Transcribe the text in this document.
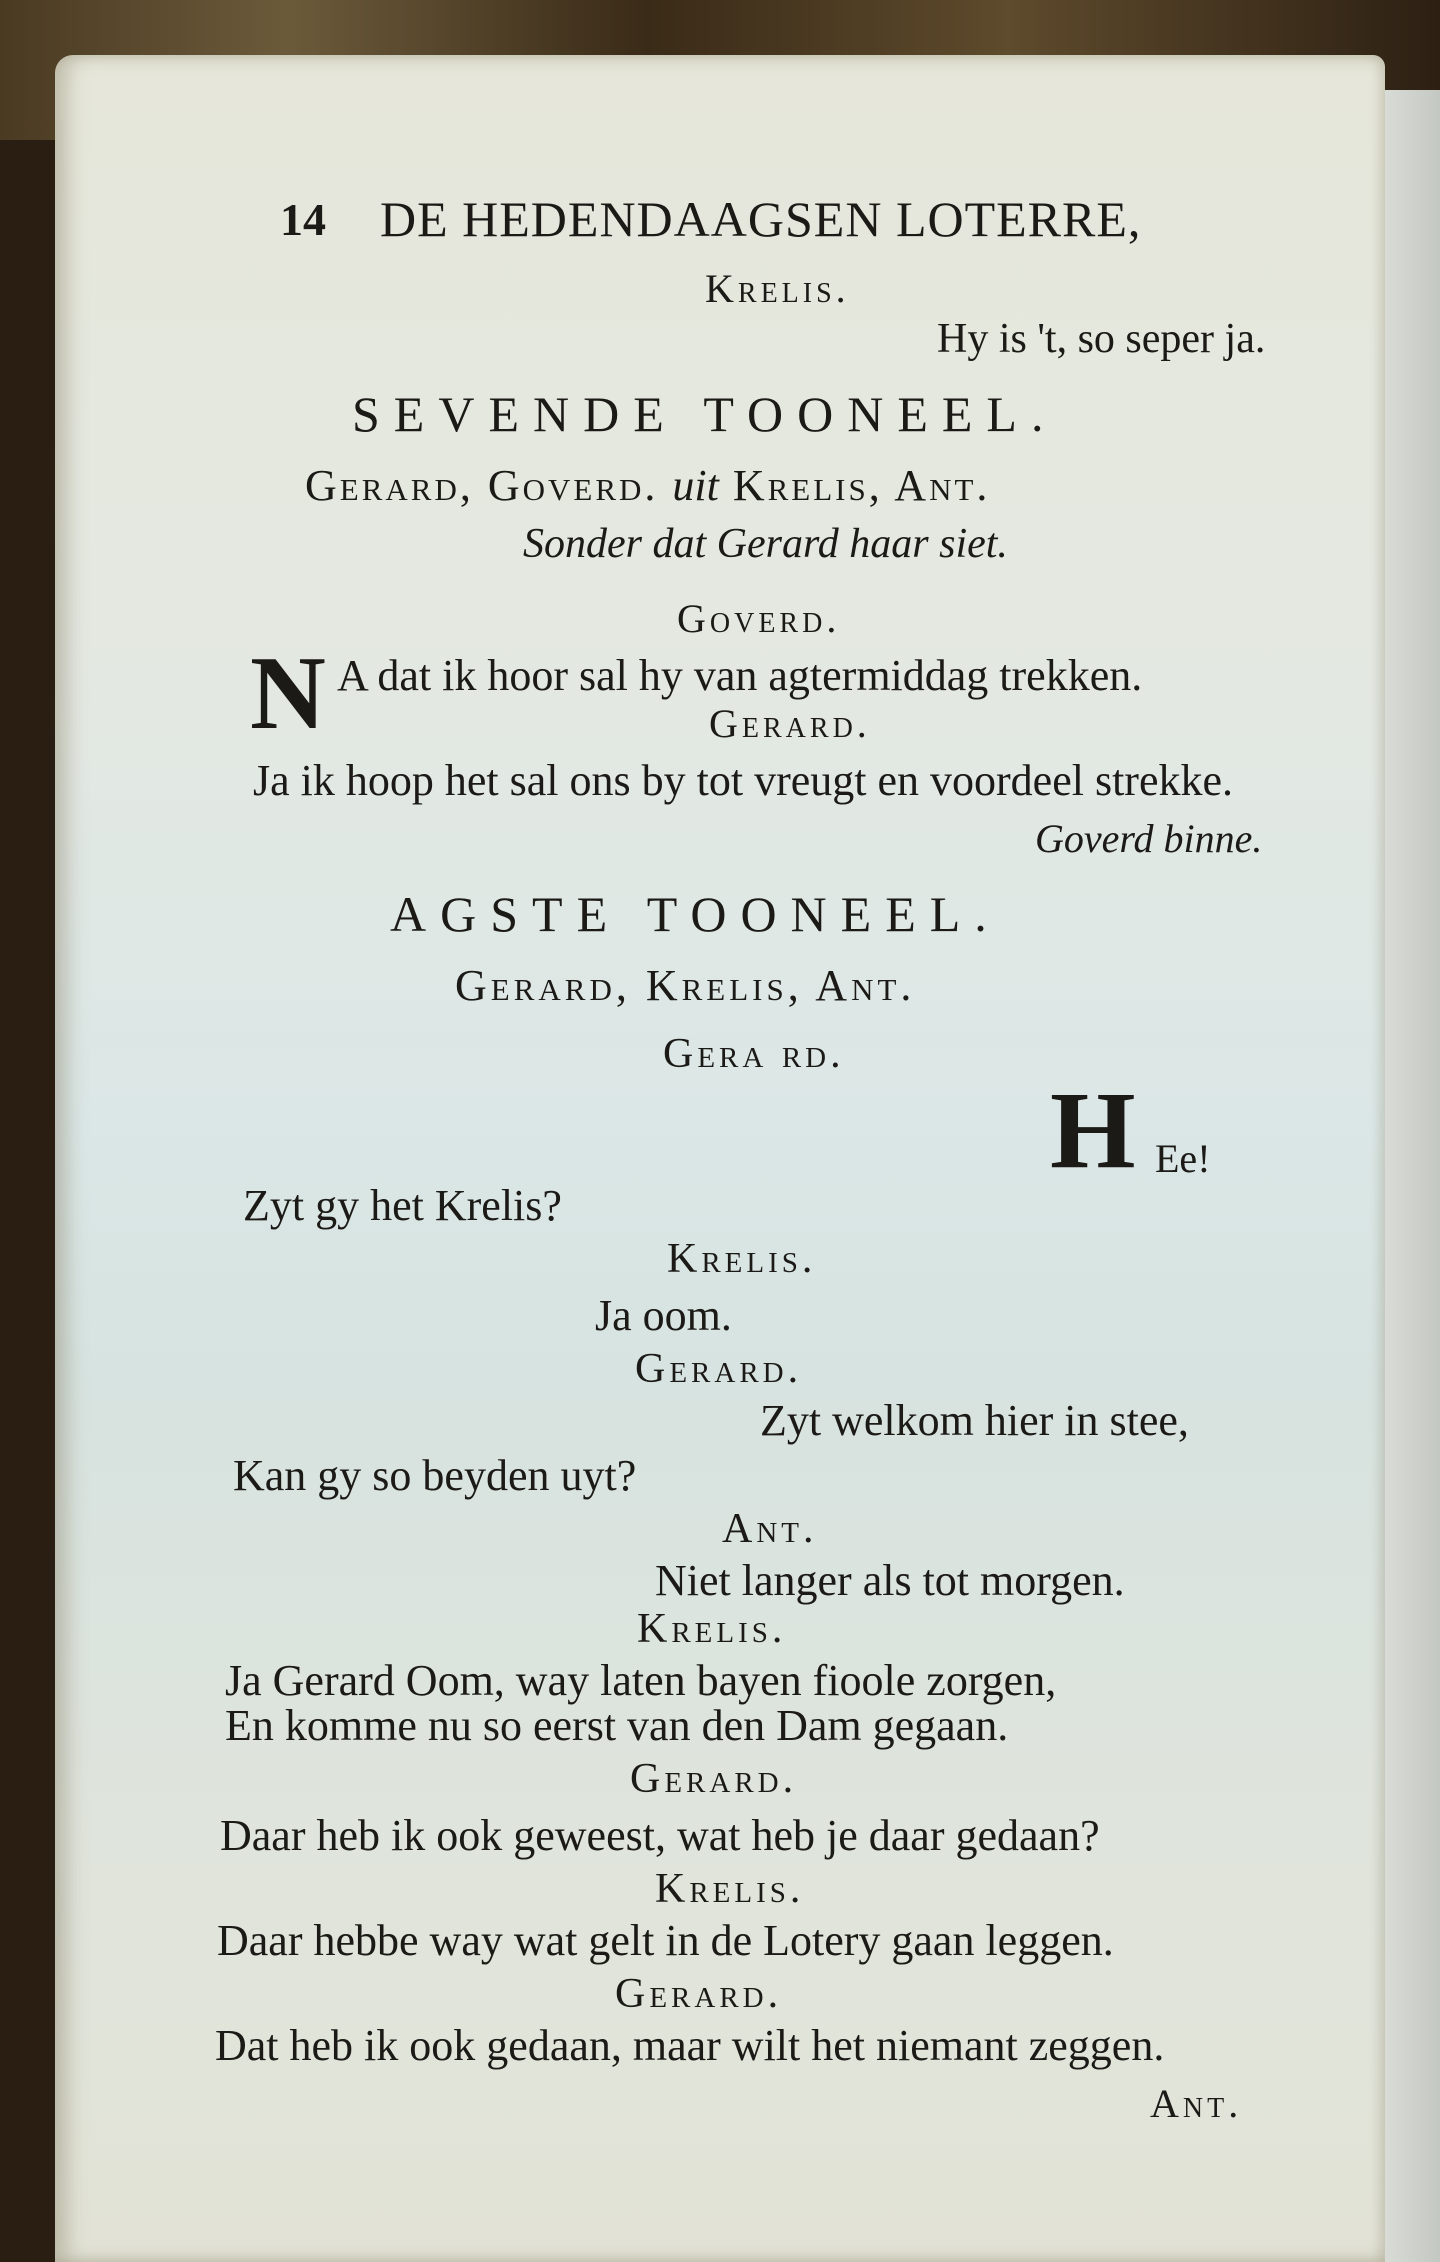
14 DE HEDENDAAGSEN LOTERRE,
Krelis.
Hy is 't, so seper ja.
SEVENDE TOONEEL.
Gerard, Goverd. uit Krelis, Ant.
Sonder dat Gerard haar siet.
Goverd.
N A dat ik hoor sal hy van agtermiddag trekken.
Gerard.
Ja ik hoop het sal ons by tot vreugt en voordeel strekke.
Goverd binne.
AGSTE TOONEEL.
Gerard, Krelis, Ant.
Gera rd.
H Ee!
Zyt gy het Krelis?
Krelis.
Ja oom.
Gerard.
Zyt welkom hier in stee,
Kan gy so beyden uyt?
Ant.
Niet langer als tot morgen.
Krelis.
Ja Gerard Oom, way laten bayen fioole zorgen,
En komme nu so eerst van den Dam gegaan.
Gerard.
Daar heb ik ook geweest, wat heb je daar gedaan?
Krelis.
Daar hebbe way wat gelt in de Lotery gaan leggen.
Gerard.
Dat heb ik ook gedaan, maar wilt het niemant zeggen.
Ant.
